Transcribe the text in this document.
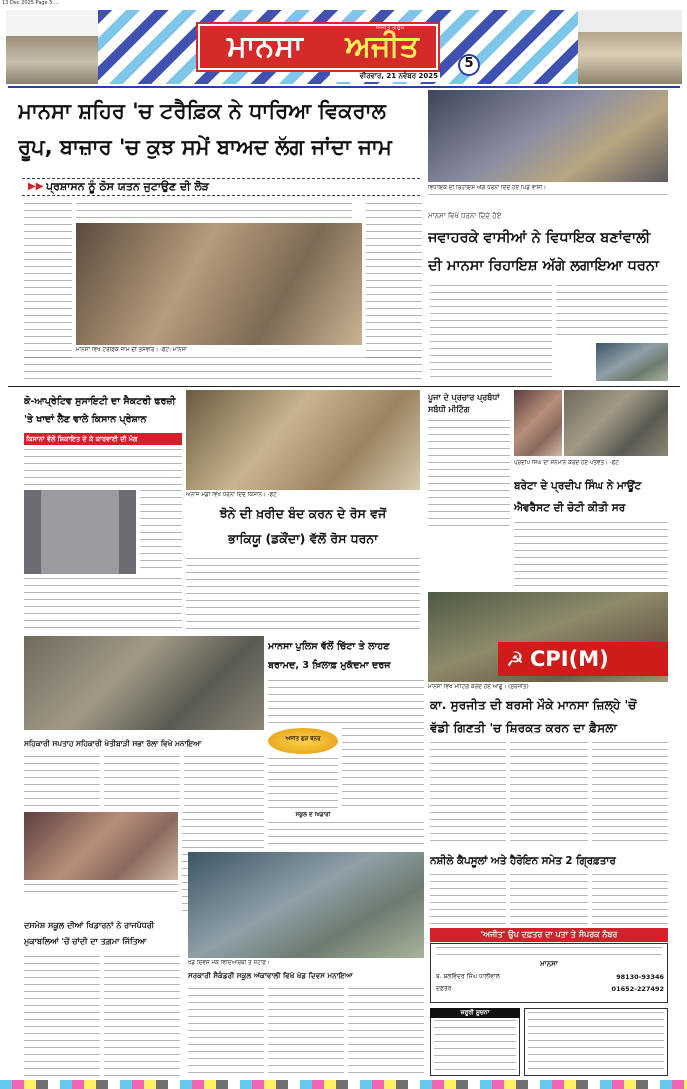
13 Dec 2025 Page 5 ...
ਮਾਨਸਾ	ਅਜੀਤ
ਅਜੀਤ ਗਰੁੱਪ
ਵੀਰਵਾਰ, 21 ਨਵੰਬਰ 2025
5
ਮਾਨਸਾ ਸ਼ਹਿਰ 'ਚ ਟਰੈਫ਼ਿਕ ਨੇ ਧਾਰਿਆ ਵਿਕਰਾਲ
ਰੂਪ, ਬਾਜ਼ਾਰ 'ਚ ਕੁਝ ਸਮੇਂ ਬਾਅਦ ਲੱਗ ਜਾਂਦਾ ਜਾਮ
▶▶ ਪ੍ਰਸ਼ਾਸਨ ਨੂੰ ਠੋਸ ਯਤਨ ਜੁਟਾਉਣ ਦੀ ਲੋੜ
ਮਾਨਸਾ ਵਿਖੇ ਟਰੈਫ਼ਿਕ ਜਾਮ ਦੀ ਤਸਵੀਰ। -ਫੋਟੋ: ਮਾਨਸਾ
ਵਿਧਾਇਕ ਦੀ ਰਿਹਾਇਸ਼ ਅੱਗੇ ਧਰਨਾ ਦਿੰਦੇ ਹੋਏ ਪਿੰਡ ਵਾਸੀ।
ਮਾਨਸਾ ਵਿਖੇ ਧਰਨਾ ਦਿੰਦੇ ਹੋਏ
ਜਵਾਹਰਕੇ ਵਾਸੀਆਂ ਨੇ ਵਿਧਾਇਕ ਬਣਾਂਵਾਲੀ
ਦੀ ਮਾਨਸਾ ਰਿਹਾਇਸ਼ ਅੱਗੇ ਲਗਾਇਆ ਧਰਨਾ
ਕੋ-ਆਪ੍ਰੇਟਿਵ ਸੁਸਾਇਟੀ ਦਾ ਸੈਕਟਰੀ ਫਰਜ਼ੀ
'ਤੇ ਖਾਦਾਂ ਲੈਣ ਵਾਲੇ ਕਿਸਾਨ ਪ੍ਰੇਸ਼ਾਨ
ਕਿਸਾਨਾਂ ਵੱਲੋਂ ਸ਼ਿਕਾਇਤ ਦੇ ਕੇ ਕਾਰਵਾਈ ਦੀ ਮੰਗ
ਅਨਾਜ ਮੰਡੀ ਵਿਖੇ ਧਰਨਾ ਦਿੰਦੇ ਕਿਸਾਨ। -ਫੋਟੋ
ਝੋਨੇ ਦੀ ਖ਼ਰੀਦ ਬੰਦ ਕਰਨ ਦੇ ਰੋਸ ਵਜੋਂ
ਭਾਕਿਯੂ (ਡਕੌਂਦਾ) ਵੱਲੋਂ ਰੋਸ ਧਰਨਾ
ਪੂਜਾ ਦੇ ਪ੍ਰਚਾਰ ਪ੍ਰਬੰਧਾਂ ਸਬੰਧੀ ਮੀਟਿੰਗ
ਪ੍ਰਦੀਪ ਸਿੰਘ ਦਾ ਸਨਮਾਨ ਕਰਦੇ ਹੋਏ ਪਤਵੰਤੇ। -ਫੋਟੋ
ਬਰੇਟਾ ਦੇ ਪ੍ਰਦੀਪ ਸਿੰਘ ਨੇ ਮਾਊਂਟ
ਐਵਰੈਸਟ ਦੀ ਚੋਟੀ ਕੀਤੀ ਸਰ
☭ CPI(M)
ਮਾਨਸਾ ਵਿਖੇ ਮੀਟਿੰਗ ਕਰਦੇ ਹੋਏ ਆਗੂ। (ਸੁਰਜੀਤ)
ਕਾ. ਸੁਰਜੀਤ ਦੀ ਬਰਸੀ ਮੌਕੇ ਮਾਨਸਾ ਜ਼ਿਲ੍ਹੇ 'ਚੋਂ
ਵੱਡੀ ਗਿਣਤੀ 'ਚ ਸ਼ਿਰਕਤ ਕਰਨ ਦਾ ਫ਼ੈਸਲਾ
ਮਾਨਸਾ ਪੁਲਿਸ ਵੱਲੋਂ ਚਿੱਟਾ ਤੇ ਲਾਹਣ
ਬਰਾਮਦ, 3 ਖ਼ਿਲਾਫ਼ ਮੁਕੱਦਮਾ ਦਰਜ
ਸਹਿਕਾਰੀ ਸਪਤਾਹ ਸਹਿਕਾਰੀ ਖੇਤੀਬਾੜੀ ਸਭਾ ਰੱਲਾ ਵਿਖੇ ਮਨਾਇਆ	ਅਜੀਤ ਗੁੜ ਬੈਨਰ
ਨਸ਼ੀਲੇ ਕੈਪਸੂਲਾਂ ਅਤੇ ਹੈਰੋਇਨ ਸਮੇਤ 2 ਗ੍ਰਿਫ਼ਤਾਰ
ਦਸਮੇਸ਼ ਸਕੂਲ ਦੀਆਂ ਖਿਡਾਰਨਾਂ ਨੇ ਰਾਜਪੱਧਰੀ
ਮੁਕਾਬਲਿਆਂ 'ਚੋਂ ਚਾਂਦੀ ਦਾ ਤਗ਼ਮਾ ਜਿੱਤਿਆ
ਸਕੂਲ ਦੇ ਖਿਡਾਰੀ
ਖੇਡ ਦਿਵਸ ਮੌਕੇ ਵਿਦਿਆਰਥੀ ਤੇ ਸਟਾਫ਼।
ਸਰਕਾਰੀ ਸੈਕੰਡਰੀ ਸਕੂਲ ਅੱਕਾਂਵਾਲੀ ਵਿਖੇ ਖੇਡ ਦਿਵਸ ਮਨਾਇਆ
'ਅਜੀਤ' ਉਪ ਦਫ਼ਤਰ ਦਾ ਪਤਾ ਤੇ ਸੰਪਰਕ ਨੰਬਰ
ਮਾਨਸਾ
ਬ. ਬਲਵਿੰਦਰ ਸਿੰਘ ਧਾਲੀਵਾਲ	98130-93346
ਦਫ਼ਤਰ	01652-227492
ਜ਼ਰੂਰੀ ਸੂਚਨਾ
